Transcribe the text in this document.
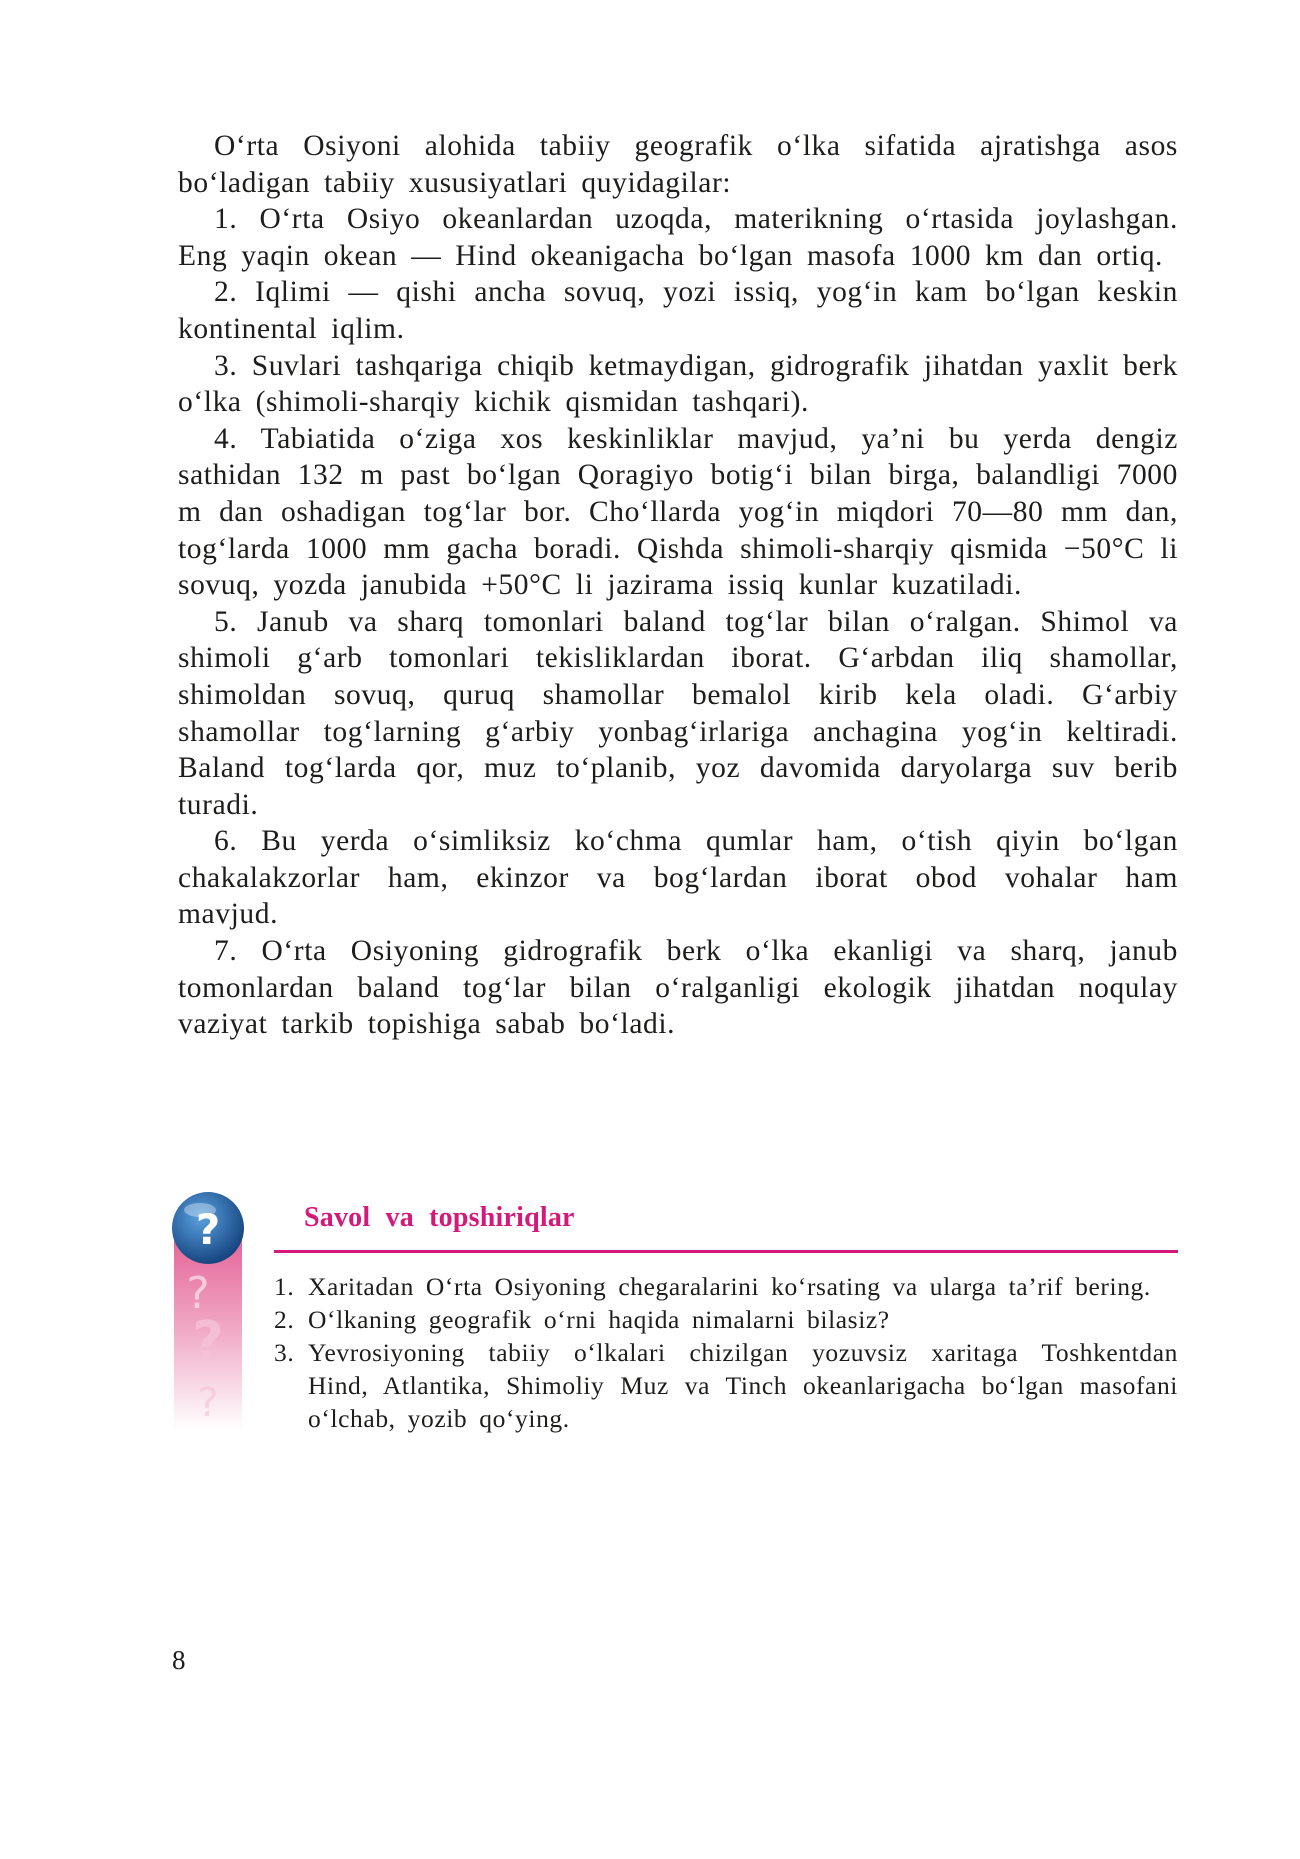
O‘rta Osiyoni alohida tabiiy geografik o‘lka sifatida ajratishga asos bo‘ladigan tabiiy xususiyatlari quyidagilar:

1. O‘rta Osiyo okeanlardan uzoqda, materikning o‘rtasida joylashgan. Eng yaqin okean — Hind okeanigacha bo‘lgan masofa 1000 km dan ortiq.

2. Iqlimi — qishi ancha sovuq, yozi issiq, yog‘in kam bo‘lgan keskin kontinental iqlim.

3. Suvlari tashqariga chiqib ketmaydigan, gidrografik jihatdan yaxlit berk o‘lka (shimoli-sharqiy kichik qismidan tashqari).

4. Tabiatida o‘ziga xos keskinliklar mavjud, ya’ni bu yerda dengiz sathidan 132 m past bo‘lgan Qoragiyo botig‘i bilan birga, balandligi 7000 m dan oshadigan tog‘lar bor. Cho‘llarda yog‘in miqdori 70—80 mm dan, tog‘larda 1000 mm gacha boradi. Qishda shimoli-sharqiy qismida −50°C li sovuq, yozda janubida +50°C li jazirama issiq kunlar kuzatiladi.

5. Janub va sharq tomonlari baland tog‘lar bilan o‘ralgan. Shimol va shimoli g‘arb tomonlari tekisliklardan iborat. G‘arbdan iliq shamollar, shimoldan sovuq, quruq shamollar bemalol kirib kela oladi. G‘arbiy shamollar tog‘larning g‘arbiy yonbag‘irlariga anchagina yog‘in keltiradi. Baland tog‘larda qor, muz to‘planib, yoz davomida daryolarga suv berib turadi.

6. Bu yerda o‘simliksiz ko‘chma qumlar ham, o‘tish qiyin bo‘lgan chakalakzorlar ham, ekinzor va bog‘lardan iborat obod vohalar ham mavjud.

7. O‘rta Osiyoning gidrografik berk o‘lka ekanligi va sharq, janub tomonlardan baland tog‘lar bilan o‘ralganligi ekologik jihatdan noqulay vaziyat tarkib topishiga sabab bo‘ladi.

?
?
?
?
Savol va topshiriqlar
1. Xaritadan O‘rta Osiyoning chegaralarini ko‘rsating va ularga ta’rif bering.
2. O‘lkaning geografik o‘rni haqida nimalarni bilasiz?
3. Yevrosiyoning tabiiy o‘lkalari chizilgan yozuvsiz xaritaga Toshkentdan Hind, Atlantika, Shimoliy Muz va Tinch okeanlarigacha bo‘lgan masofani o‘lchab, yozib qo‘ying.
8
